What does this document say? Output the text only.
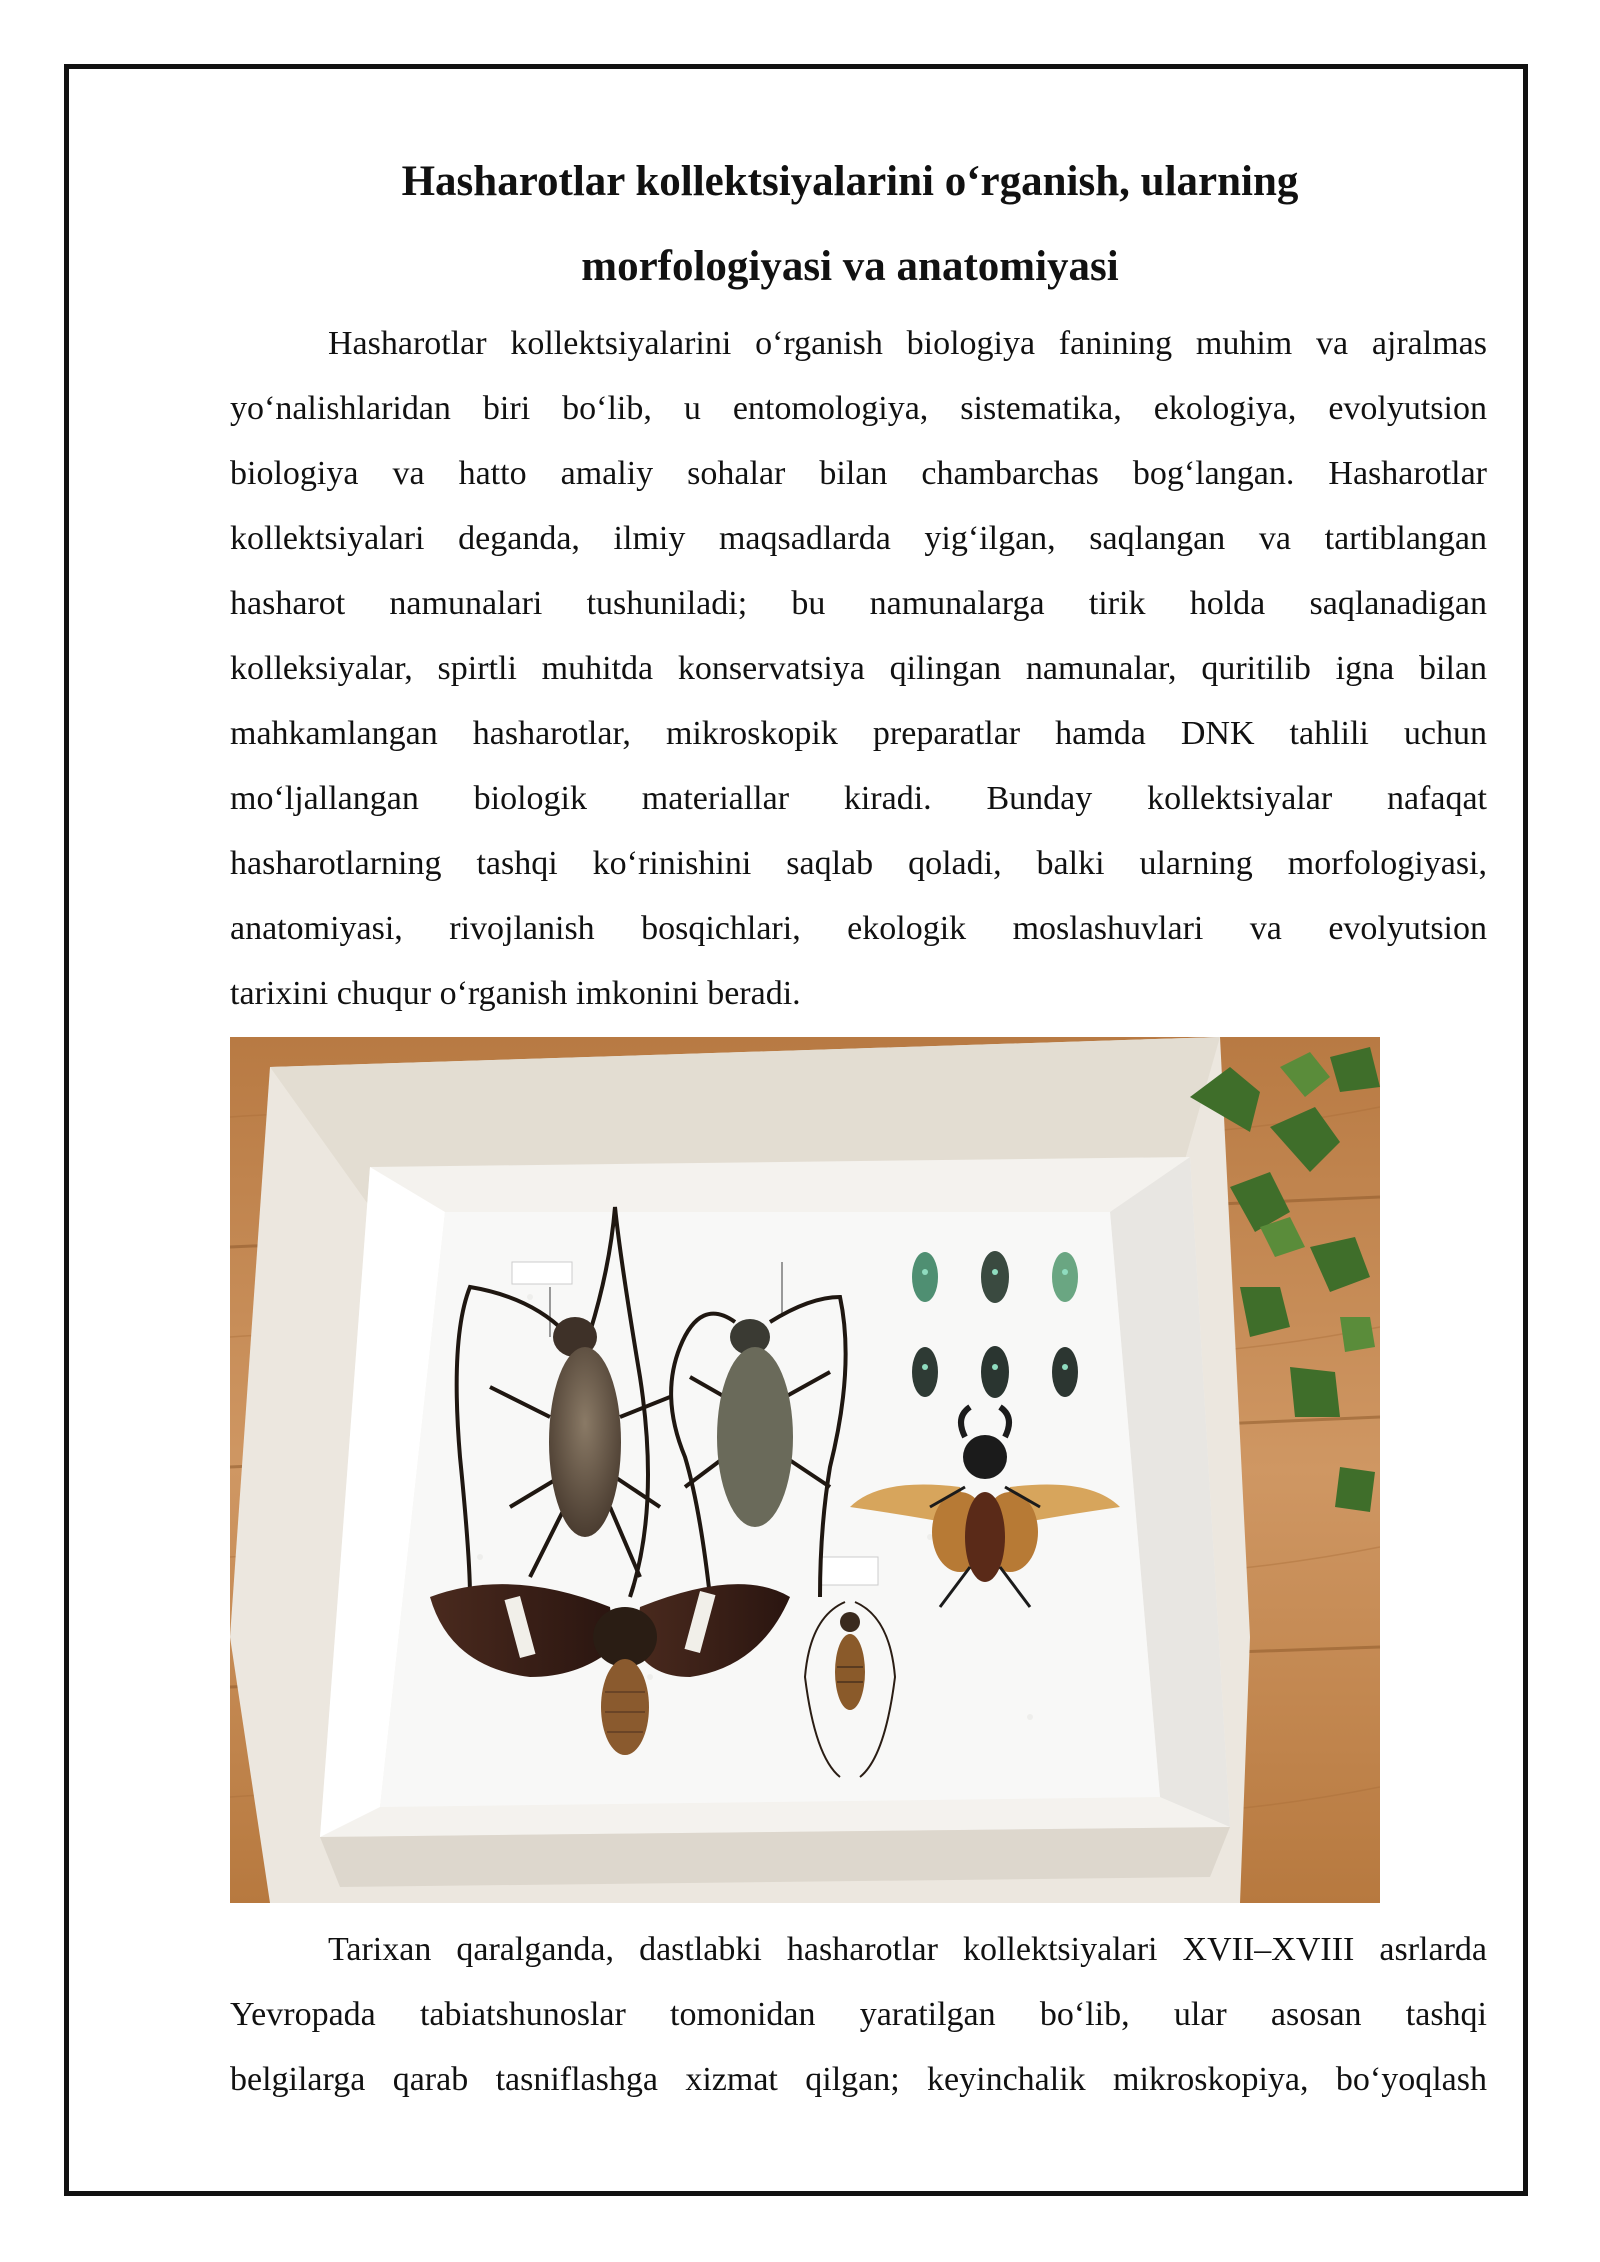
Hasharotlar kollektsiyalarini o‘rganish, ularning
morfologiyasi va anatomiyasi
Hasharotlar kollektsiyalarini o‘rganish biologiya fanining muhim va ajralmas
yo‘nalishlaridan biri bo‘lib, u entomologiya, sistematika, ekologiya, evolyutsion
biologiya va hatto amaliy sohalar bilan chambarchas bog‘langan. Hasharotlar
kollektsiyalari deganda, ilmiy maqsadlarda yig‘ilgan, saqlangan va tartiblangan
hasharot namunalari tushuniladi; bu namunalarga tirik holda saqlanadigan
kolleksiyalar, spirtli muhitda konservatsiya qilingan namunalar, quritilib igna bilan
mahkamlangan hasharotlar, mikroskopik preparatlar hamda DNK tahlili uchun
mo‘ljallangan biologik materiallar kiradi. Bunday kollektsiyalar nafaqat
hasharotlarning tashqi ko‘rinishini saqlab qoladi, balki ularning morfologiyasi,
anatomiyasi, rivojlanish bosqichlari, ekologik moslashuvlari va evolyutsion
tarixini chuqur o‘rganish imkonini beradi.
Tarixan qaralganda, dastlabki hasharotlar kollektsiyalari XVII–XVIII asrlarda
Yevropada tabiatshunoslar tomonidan yaratilgan bo‘lib, ular asosan tashqi
belgilarga qarab tasniflashga xizmat qilgan; keyinchalik mikroskopiya, bo‘yoqlash
